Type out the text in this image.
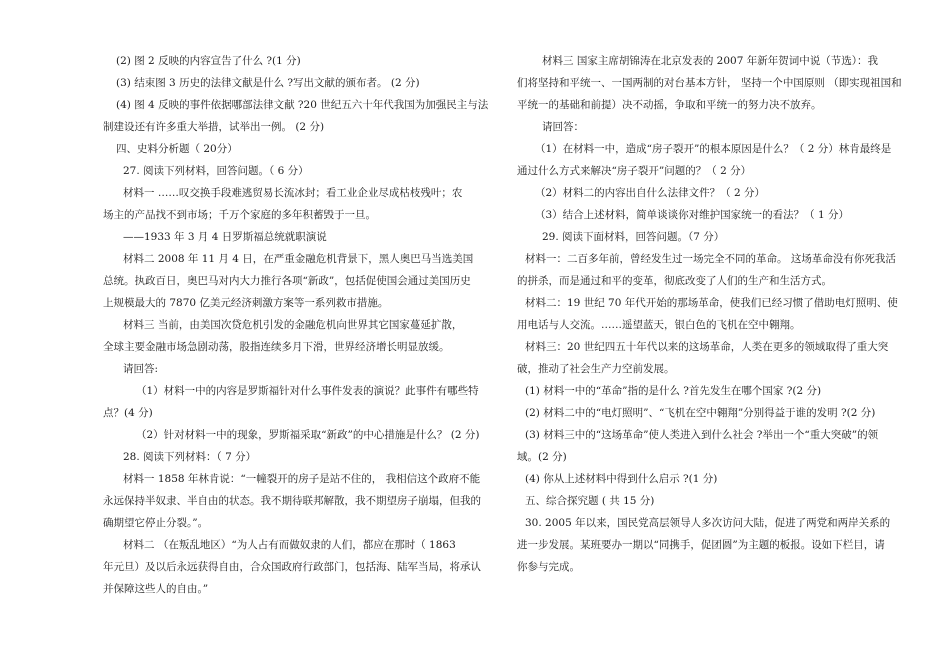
(2) 图 2 反映的内容宣告了什么 ?(1 分)
(3) 结束图 3 历史的法律文献是什么 ?写出文献的颁布者。 (2 分)
(4) 图 4 反映的事件依据哪部法律文献 ?20 世纪五六十年代我国为加强民主与法
制建设还有许多重大举措，试举出一例。 (2 分)
四、史料分析题（ 20分）
27. 阅读下列材料，回答问题。（ 6 分）
材料一 ……叹交换手段难逃贸易长流冰封；看工业企业尽成枯枝残叶；农
场主的产品找不到市场；千万个家庭的多年积蓄毁于一旦。
——1933 年 3 月 4 日罗斯福总统就职演说
材料二 2008 年 11 月 4 日，在严重金融危机背景下，黑人奥巴马当选美国
总统。执政百日，奥巴马对内大力推行各项“新政”，包括促使国会通过美国历史
上规模最大的 7870 亿美元经济刺激方案等一系列救市措施。
材料三 当前，由美国次贷危机引发的金融危机向世界其它国家蔓延扩散，
全球主要金融市场急剧动荡，股指连续多月下滑，世界经济增长明显放缓。
请回答:
（1）材料一中的内容是罗斯福针对什么事件发表的演说？此事件有哪些特
点？(4 分)
（2）针对材料一中的现象，罗斯福采取“新政”的中心措施是什么？ (2 分)
28. 阅读下列材料：（ 7 分）
材料一 1858 年林肯说：“一幢裂开的房子是站不住的， 我相信这个政府不能
永远保持半奴隶、半自由的状态。我不期待联邦解散，我不期望房子崩塌，但我的
确期望它停止分裂。”。
材料二 （在叛乱地区）“为人占有而做奴隶的人们，都应在那时（ 1863
年元旦）及以后永远获得自由，合众国政府行政部门，包括海、陆军当局，将承认
并保障这些人的自由。”
材料三 国家主席胡锦涛在北京发表的 2007 年新年贺词中说（节选）：我
们将坚持和平统一、一国两制的对台基本方针， 坚持一个中国原则 （即实现祖国和
平统一的基础和前提）决不动摇，争取和平统一的努力决不放弃。
请回答：
（1）在材料一中，造成“房子裂开”的根本原因是什么？（ 2 分）林肯最终是
通过什么方式来解决“房子裂开”问题的？（ 2 分）
（2）材料二的内容出自什么法律文件？（ 2 分）
（3）结合上述材料，简单谈谈你对维护国家统一的看法？（ 1 分）
29. 阅读下面材料，回答问题。（7 分）
材料一：二百多年前，曾经发生过一场完全不同的革命。 这场革命没有你死我活
的拼杀，而是通过和平的变革，彻底改变了人们的生产和生活方式。
材料二：19 世纪 70 年代开始的那场革命，使我们已经习惯了借助电灯照明、使
用电话与人交流。……遥望蓝天，银白色的飞机在空中翱翔。
材料三：20 世纪四五十年代以来的这场革命，人类在更多的领域取得了重大突
破，推动了社会生产力空前发展。
(1) 材料一中的“革命”指的是什么 ?首先发生在哪个国家 ?(2 分)
(2) 材料二中的“电灯照明”、“飞机在空中翱翔”分别得益于谁的发明 ?(2 分)
(3) 材料三中的“这场革命”使人类进入到什么社会 ?举出一个“重大突破”的领
域。(2 分)
(4) 你从上述材料中得到什么启示 ?(1 分)
五、综合探究题 ( 共 15 分)
30. 2005 年以来，国民党高层领导人多次访问大陆，促进了两党和两岸关系的
进一步发展。某班要办一期以“同携手，促团圆”为主题的板报。设如下栏目，请
你参与完成。
